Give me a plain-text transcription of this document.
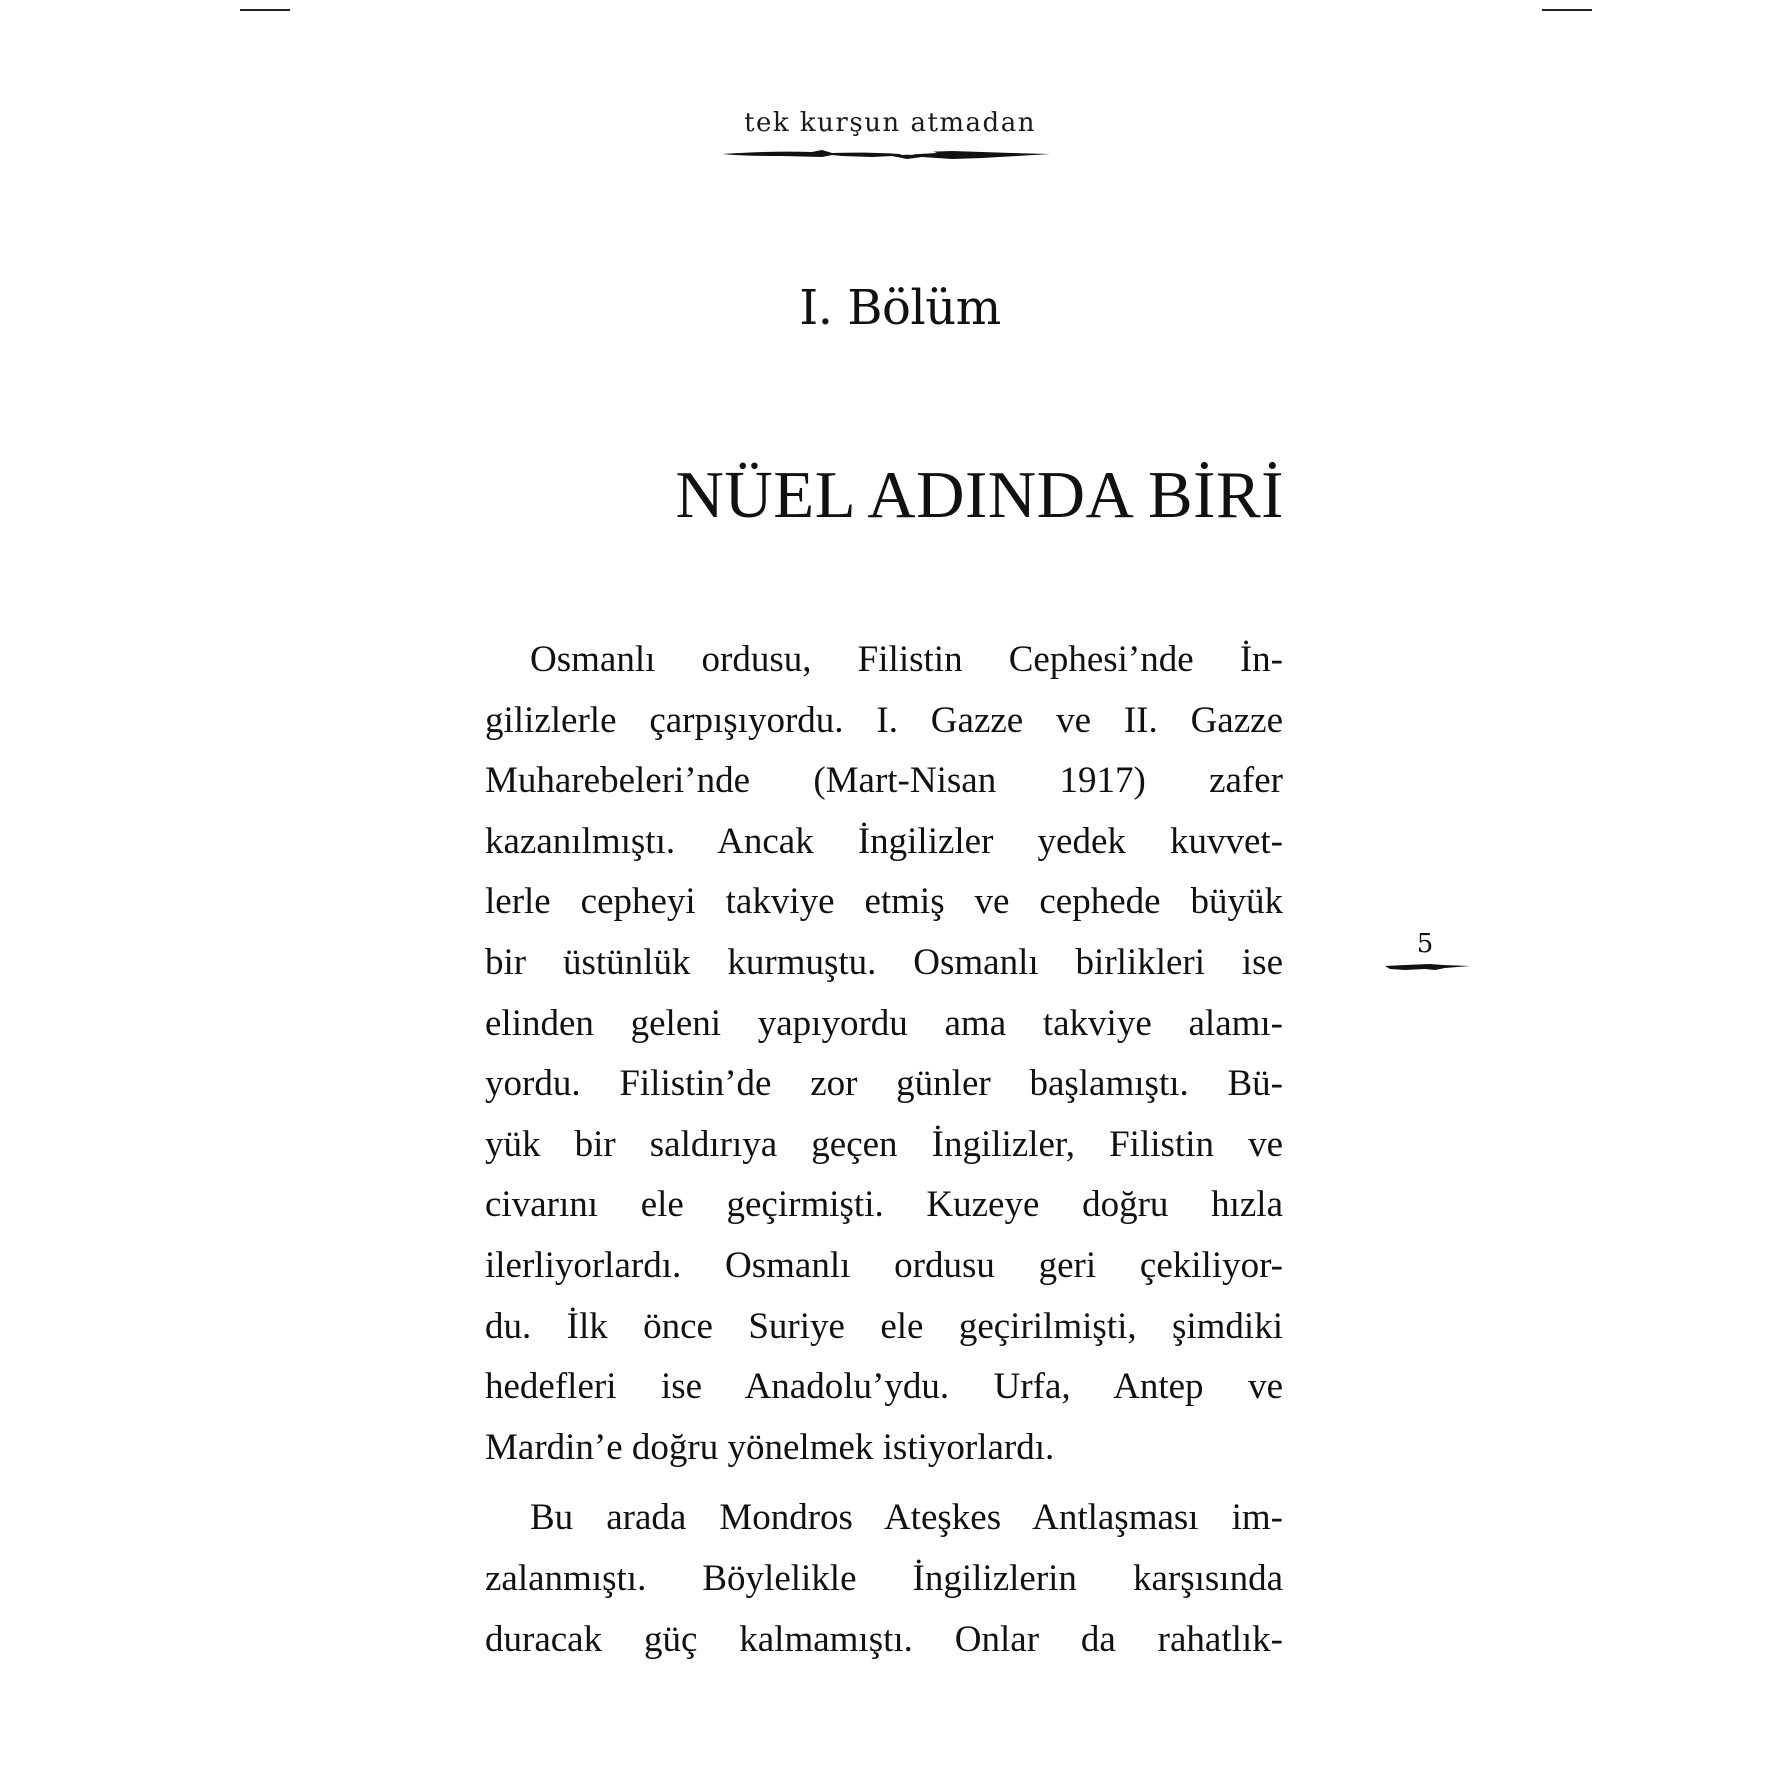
tek kurşun atmadan
I. Bölüm
NÜEL ADINDA BİRİ
Osmanlı ordusu, Filistin Cephesi’nde İn-
gilizlerle çarpışıyordu. I. Gazze ve II. Gazze
Muharebeleri’nde (Mart-Nisan 1917) zafer
kazanılmıştı. Ancak İngilizler yedek kuvvet-
lerle cepheyi takviye etmiş ve cephede büyük
bir üstünlük kurmuştu. Osmanlı birlikleri ise
elinden geleni yapıyordu ama takviye alamı-
yordu. Filistin’de zor günler başlamıştı. Bü-
yük bir saldırıya geçen İngilizler, Filistin ve
civarını ele geçirmişti. Kuzeye doğru hızla
ilerliyorlardı. Osmanlı ordusu geri çekiliyor-
du. İlk önce Suriye ele geçirilmişti, şimdiki
hedefleri ise Anadolu’ydu. Urfa, Antep ve
Mardin’e doğru yönelmek istiyorlardı.
Bu arada Mondros Ateşkes Antlaşması im-
zalanmıştı. Böylelikle İngilizlerin karşısında
duracak güç kalmamıştı. Onlar da rahatlık-
5
